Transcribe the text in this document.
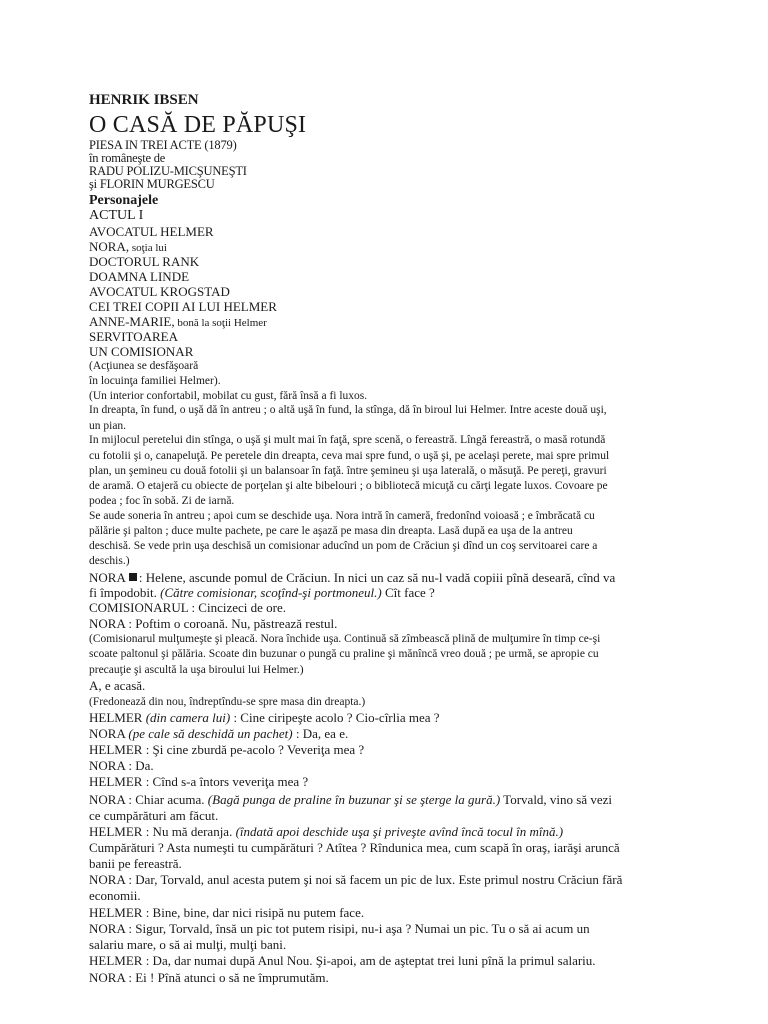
HENRIK IBSEN
O CASĂ DE PĂPUŞI
PIESA IN TREI ACTE (1879)
în româneşte de
RADU POLIZU-MICŞUNEŞTI
şi FLORIN MURGESCU
Personajele
ACTUL I
AVOCATUL HELMER
NORA, soţia lui
DOCTORUL RANK
DOAMNA LINDE
AVOCATUL KROGSTAD
CEI TREI COPII AI LUI HELMER
ANNE-MARIE, bonă la soţii Helmer
SERVITOAREA
UN COMISIONAR
(Acţiunea se desfăşoară
în locuinţa familiei Helmer).
(Un interior confortabil, mobilat cu gust, fără însă a fi luxos.
In dreapta, în fund, o uşă dă în antreu ; o altă uşă în fund, la stînga, dă în biroul lui Helmer. Intre aceste două uşi,
un pian.
In mijlocul peretelui din stînga, o uşă şi mult mai în faţă, spre scenă, o fereastră. Lîngă fereastră, o masă rotundă
cu fotolii şi o, canapeluţă. Pe peretele din dreapta, ceva mai spre fund, o uşă şi, pe acelaşi perete, mai spre primul
plan, un şemineu cu două fotolii şi un balansoar în faţă. între şemineu şi uşa laterală, o măsuţă. Pe pereţi, gravuri
de aramă. O etajeră cu obiecte de porţelan şi alte bibelouri ; o bibliotecă micuţă cu cărţi legate luxos. Covoare pe
podea ; foc în sobă. Zi de iarnă.
Se aude soneria în antreu ; apoi cum se deschide uşa. Nora intră în cameră, fredonînd voioasă ; e îmbrăcată cu
pălărie şi palton ; duce multe pachete, pe care le aşază pe masa din dreapta. Lasă după ea uşa de la antreu
deschisă. Se vede prin uşa deschisă un comisionar aducînd un pom de Crăciun şi dînd un coş servitoarei care a
deschis.)
NORA : Helene, ascunde pomul de Crăciun. In nici un caz să nu-l vadă copiii pînă deseară, cînd va
fi împodobit. (Către comisionar, scoţînd-şi portmoneul.) Cît face ?
COMISIONARUL : Cincizeci de ore.
NORA : Poftim o coroană. Nu, păstrează restul.
(Comisionarul mulţumeşte şi pleacă. Nora închide uşa. Continuă să zîmbească plină de mulţumire în timp ce-şi
scoate paltonul şi pălăria. Scoate din buzunar o pungă cu praline şi mănîncă vreo două ; pe urmă, se apropie cu
precauţie şi ascultă la uşa biroului lui Helmer.)
A, e acasă.
(Fredonează din nou, îndreptîndu-se spre masa din dreapta.)
HELMER (din camera lui) : Cine ciripeşte acolo ? Cio-cîrlia mea ?
NORA (pe cale să deschidă un pachet) : Da, ea e.
HELMER : Şi cine zburdă pe-acolo ? Veveriţa mea ?
NORA : Da.
HELMER : Cînd s-a întors veveriţa mea ?
NORA : Chiar acuma. (Bagă punga de praline în buzunar şi se şterge la gură.) Torvald, vino să vezi
ce cumpărături am făcut.
HELMER : Nu mă deranja. (îndată apoi deschide uşa şi priveşte avînd încă tocul în mînă.)
Cumpărături ? Asta numeşti tu cumpărături ? Atîtea ? Rîndunica mea, cum scapă în oraş, iarăşi aruncă
banii pe fereastră.
NORA : Dar, Torvald, anul acesta putem şi noi să facem un pic de lux. Este primul nostru Crăciun fără
economii.
HELMER : Bine, bine, dar nici risipă nu putem face.
NORA : Sigur, Torvald, însă un pic tot putem risipi, nu-i aşa ? Numai un pic. Tu o să ai acum un
salariu mare, o să ai mulţi, mulţi bani.
HELMER : Da, dar numai după Anul Nou. Şi-apoi, am de aşteptat trei luni pînă la primul salariu.
NORA : Ei ! Pînă atunci o să ne împrumutăm.
